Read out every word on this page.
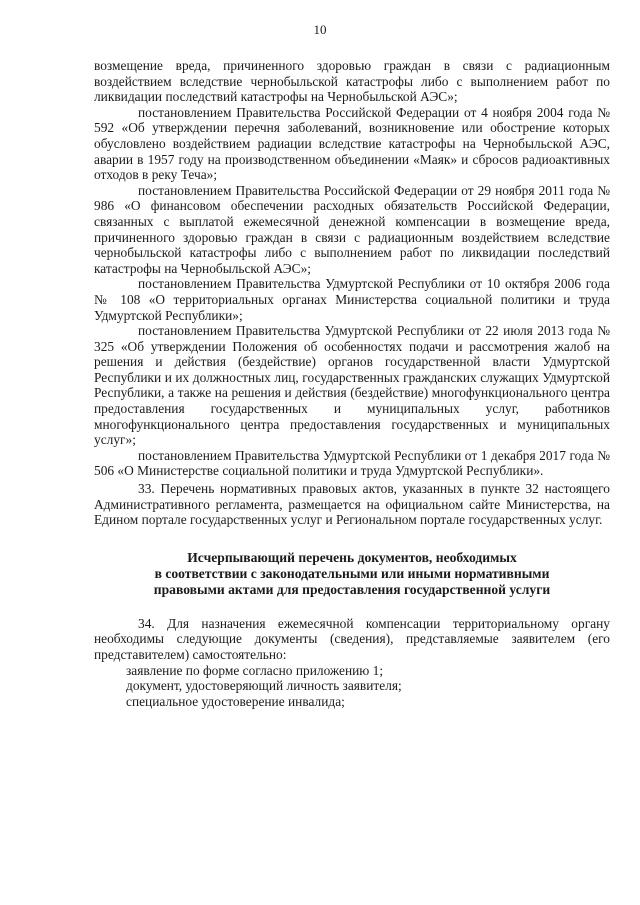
10

возмещение вреда, причиненного здоровью граждан в связи с радиационным воздействием вследствие чернобыльской катастрофы либо с выполнением работ по ликвидации последствий катастрофы на Чернобыльской АЭС»;

постановлением Правительства Российской Федерации от 4 ноября 2004 года № 592 «Об утверждении перечня заболеваний, возникновение или обострение которых обусловлено воздействием радиации вследствие катастрофы на Чернобыльской АЭС, аварии в 1957 году на производственном объединении «Маяк» и сбросов радиоактивных отходов в реку Теча»;

постановлением Правительства Российской Федерации от 29 ноября 2011 года № 986 «О финансовом обеспечении расходных обязательств Российской Федерации, связанных с выплатой ежемесячной денежной компенсации в возмещение вреда, причиненного здоровью граждан в связи с радиационным воздействием вследствие чернобыльской катастрофы либо с выполнением работ по ликвидации последствий катастрофы на Чернобыльской АЭС»;

постановлением Правительства Удмуртской Республики от 10 октября 2006 года № 108 «О территориальных органах Министерства социальной политики и труда Удмуртской Республики»;

постановлением Правительства Удмуртской Республики от 22 июля 2013 года № 325 «Об утверждении Положения об особенностях подачи и рассмотрения жалоб на решения и действия (бездействие) органов государственной власти Удмуртской Республики и их должностных лиц, государственных гражданских служащих Удмуртской Республики, а также на решения и действия (бездействие) многофункционального центра предоставления государственных и муниципальных услуг, работников многофункционального центра предоставления государственных и муниципальных услуг»;

постановлением Правительства Удмуртской Республики от 1 декабря 2017 года № 506 «О Министерстве социальной политики и труда Удмуртской Республики».

33. Перечень нормативных правовых актов, указанных в пункте 32 настоящего Административного регламента, размещается на официальном сайте Министерства, на Едином портале государственных услуг и Региональном портале государственных услуг.

Исчерпывающий перечень документов, необходимых
в соответствии с законодательными или иными нормативными
правовыми актами для предоставления государственной услуги

34. Для назначения ежемесячной компенсации территориальному органу необходимы следующие документы (сведения), представляемые заявителем (его представителем) самостоятельно:

заявление по форме согласно приложению 1;

документ, удостоверяющий личность заявителя;

специальное удостоверение инвалида;
